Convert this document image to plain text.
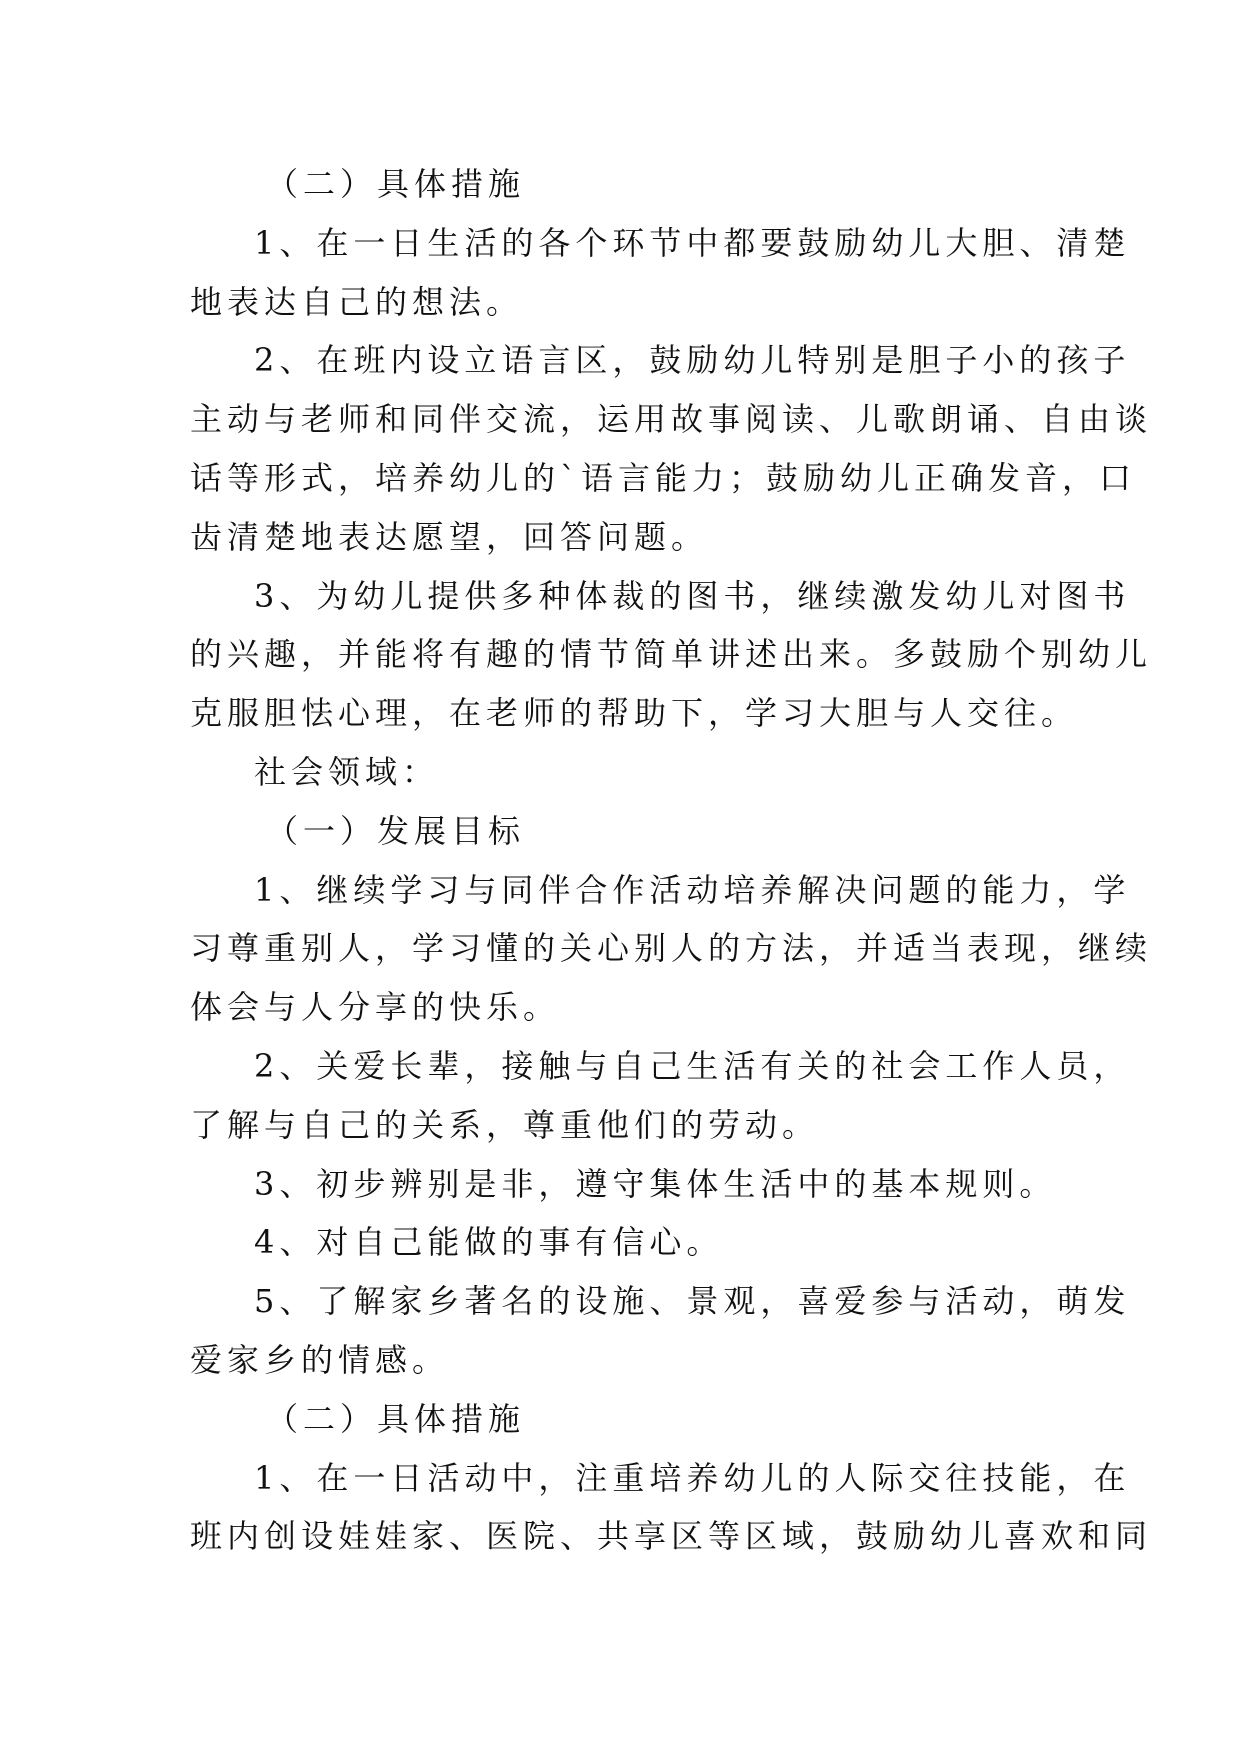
（二）具体措施
1、在一日生活的各个环节中都要鼓励幼儿大胆、清楚
地表达自己的想法。
2、在班内设立语言区，鼓励幼儿特别是胆子小的孩子
主动与老师和同伴交流，运用故事阅读、儿歌朗诵、自由谈
话等形式，培养幼儿的`语言能力；鼓励幼儿正确发音，口
齿清楚地表达愿望，回答问题。
3、为幼儿提供多种体裁的图书，继续激发幼儿对图书
的兴趣，并能将有趣的情节简单讲述出来。多鼓励个别幼儿
克服胆怯心理，在老师的帮助下，学习大胆与人交往。
社会领域：
（一）发展目标
1、继续学习与同伴合作活动培养解决问题的能力，学
习尊重别人，学习懂的关心别人的方法，并适当表现，继续
体会与人分享的快乐。
2、关爱长辈，接触与自己生活有关的社会工作人员，
了解与自己的关系，尊重他们的劳动。
3、初步辨别是非，遵守集体生活中的基本规则。
4、对自己能做的事有信心。
5、了解家乡著名的设施、景观，喜爱参与活动，萌发
爱家乡的情感。
（二）具体措施
1、在一日活动中，注重培养幼儿的人际交往技能，在
班内创设娃娃家、医院、共享区等区域，鼓励幼儿喜欢和同
